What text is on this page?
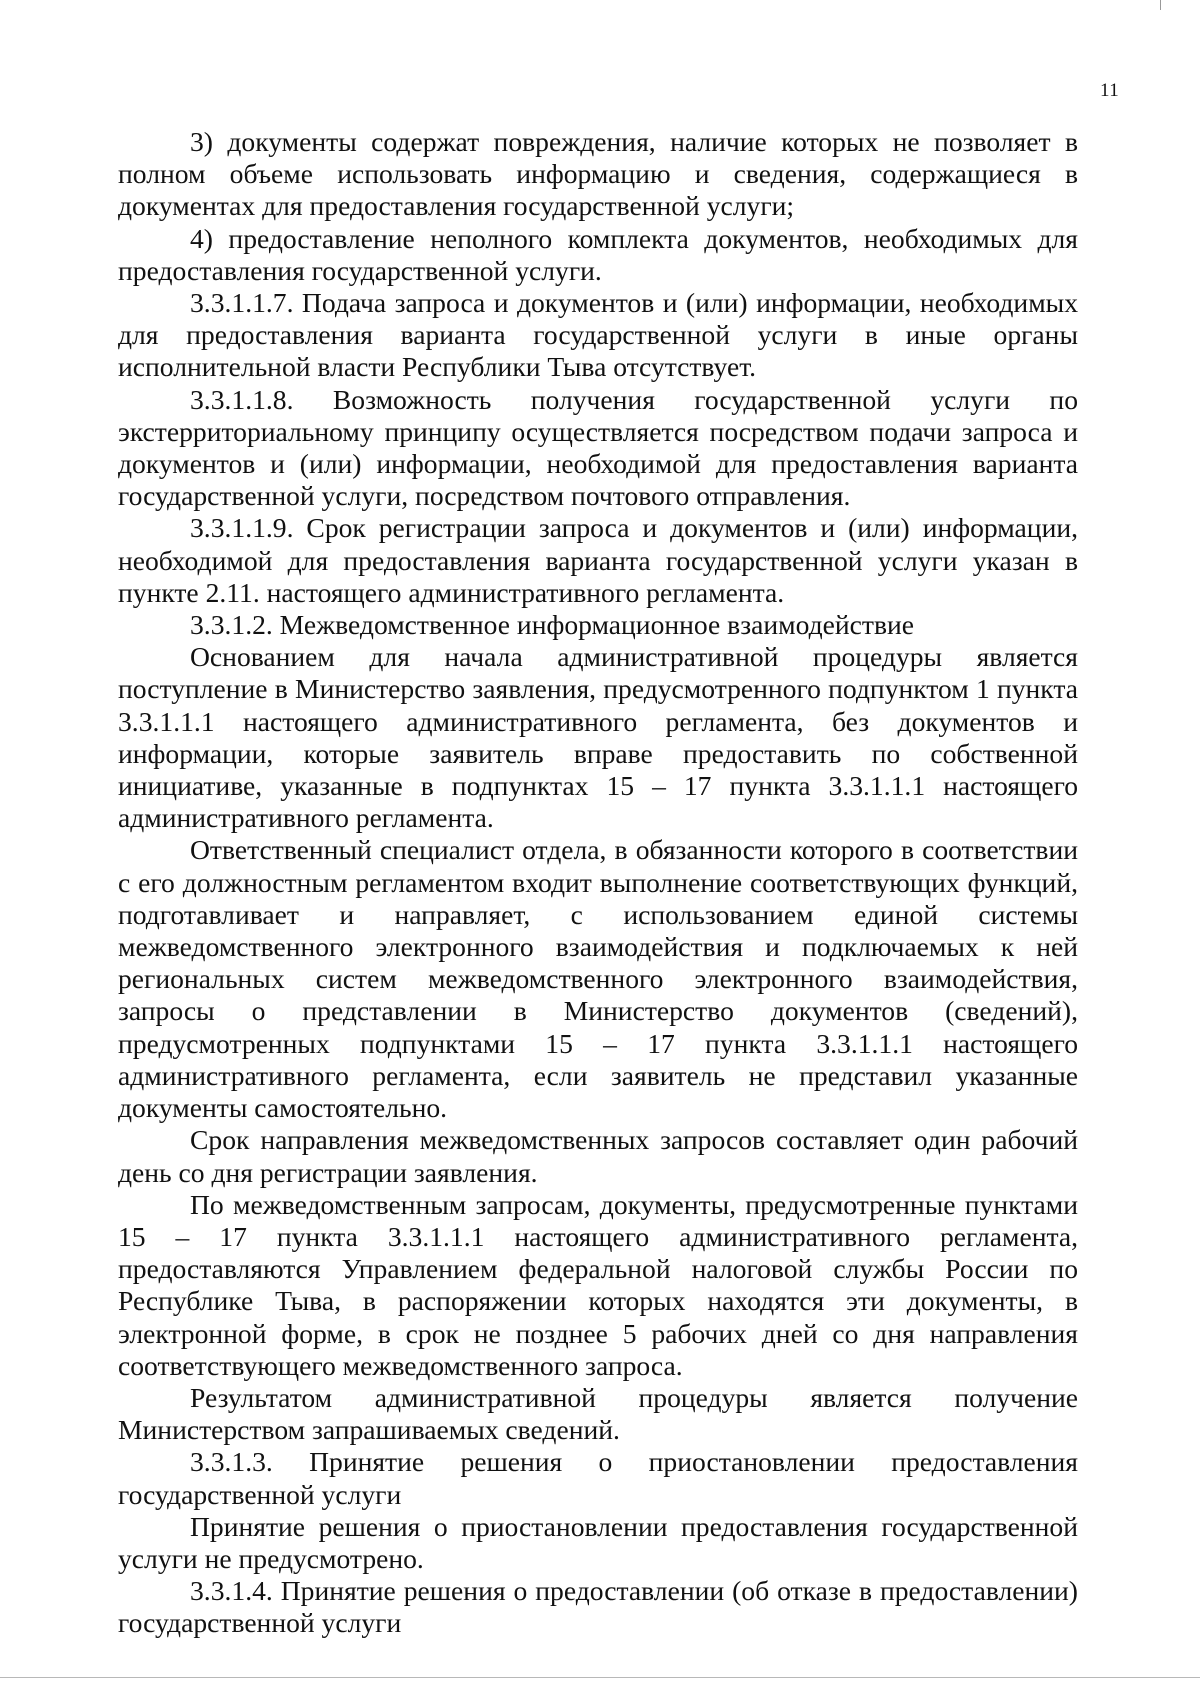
11

3) документы содержат повреждения, наличие которых не позволяет в полном объеме использовать информацию и сведения, содержащиеся в документах для предоставления государственной услуги;

4) предоставление неполного комплекта документов, необходимых для предоставления государственной услуги.

3.3.1.1.7. Подача запроса и документов и (или) информации, необходимых для предоставления варианта государственной услуги в иные органы исполнительной власти Республики Тыва отсутствует.

3.3.1.1.8. Возможность получения государственной услуги по экстерриториальному принципу осуществляется посредством подачи запроса и документов и (или) информации, необходимой для предоставления варианта государственной услуги, посредством почтового отправления.

3.3.1.1.9. Срок регистрации запроса и документов и (или) информации, необходимой для предоставления варианта государственной услуги указан в пункте 2.11. настоящего административного регламента.

3.3.1.2. Межведомственное информационное взаимодействие

Основанием для начала административной процедуры является поступление в Министерство заявления, предусмотренного подпунктом 1 пункта 3.3.1.1.1 настоящего административного регламента, без документов и информации, которые заявитель вправе предоставить по собственной инициативе, указанные в подпунктах 15 – 17 пункта 3.3.1.1.1 настоящего административного регламента.

Ответственный специалист отдела, в обязанности которого в соответствии с его должностным регламентом входит выполнение соответствующих функций, подготавливает и направляет, с использованием единой системы межведомственного электронного взаимодействия и подключаемых к ней региональных систем межведомственного электронного взаимодействия, запросы о представлении в Министерство документов (сведений), предусмотренных подпунктами 15 – 17 пункта 3.3.1.1.1 настоящего административного регламента, если заявитель не представил указанные документы самостоятельно.

Срок направления межведомственных запросов составляет один рабочий день со дня регистрации заявления.

По межведомственным запросам, документы, предусмотренные пунктами 15 – 17 пункта 3.3.1.1.1 настоящего административного регламента, предоставляются Управлением федеральной налоговой службы России по Республике Тыва, в распоряжении которых находятся эти документы, в электронной форме, в срок не позднее 5 рабочих дней со дня направления соответствующего межведомственного запроса.

Результатом административной процедуры является получение Министерством запрашиваемых сведений.

3.3.1.3. Принятие решения о приостановлении предоставления государственной услуги

Принятие решения о приостановлении предоставления государственной услуги не предусмотрено.

3.3.1.4. Принятие решения о предоставлении (об отказе в предоставлении) государственной услуги
